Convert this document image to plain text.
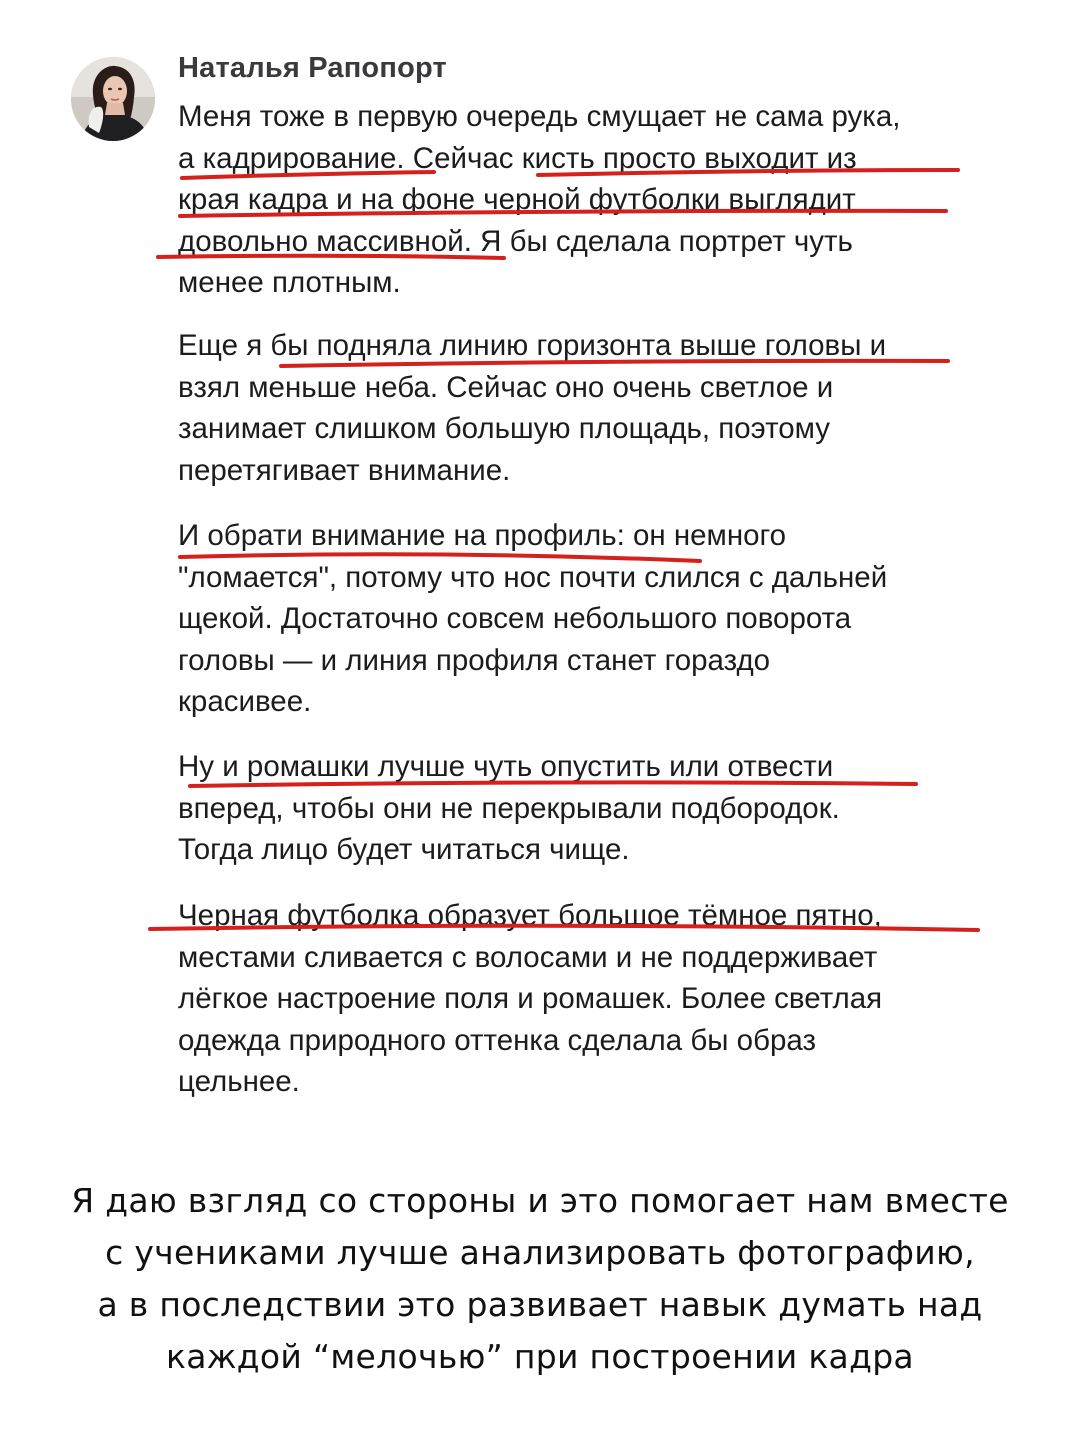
Наталья Рапопорт

Меня тоже в первую очередь смущает не сама рука,
а кадрирование. Сейчас кисть просто выходит из
края кадра и на фоне черной футболки выглядит
довольно массивной. Я бы сделала портрет чуть
менее плотным.

Еще я бы подняла линию горизонта выше головы и
взял меньше неба. Сейчас оно очень светлое и
занимает слишком большую площадь, поэтому
перетягивает внимание.

И обрати внимание на профиль: он немного
"ломается", потому что нос почти слился с дальней
щекой. Достаточно совсем небольшого поворота
головы — и линия профиля станет гораздо
красивее.

Ну и ромашки лучше чуть опустить или отвести
вперед, чтобы они не перекрывали подбородок.
Тогда лицо будет читаться чище.

Черная футболка образует большое тёмное пятно,
местами сливается с волосами и не поддерживает
лёгкое настроение поля и ромашек. Более светлая
одежда природного оттенка сделала бы образ
цельнее.

Я даю взгляд со стороны и это помогает нам вместе
с учениками лучше анализировать фотографию,
а в последствии это развивает навык думать над
каждой “мелочью” при построении кадра
